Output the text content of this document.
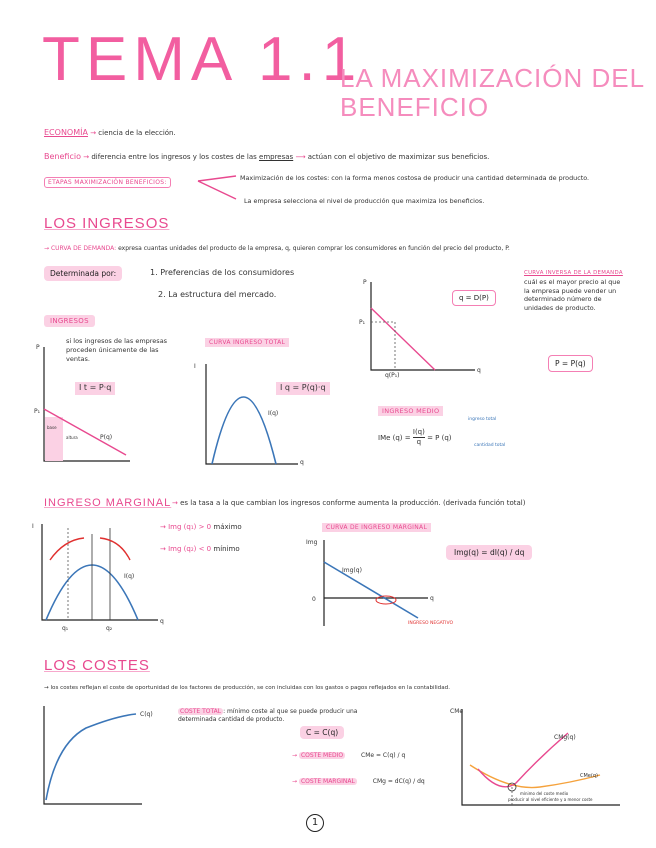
TEMA 1.1
LA MAXIMIZACIÓN DEL
BENEFICIO
ECONOMÍA → ciencia de la elección.
Beneficio → diferencia entre los ingresos y los costes de las empresas ⟶ actúan con el objetivo de maximizar sus beneficios.
ETAPAS MAXIMIZACIÓN BENEFICIOS:
Maximización de los costes: con la forma menos costosa de producir una cantidad determinada de producto.
La empresa selecciona el nivel de producción que maximiza los beneficios.
LOS INGRESOS
→ CURVA DE DEMANDA: expresa cuantas unidades del producto de la empresa, q, quieren comprar los consumidores en función del precio del producto, P.
Determinada por:	1. Preferencias de los consumidores
2. La estructura del mercado.
P
P₁
q(P₁)
q
q = D(P)
CURVA INVERSA DE LA DEMANDA
cuál es el mayor precio al que la empresa puede vender un determinado número de unidades de producto.
P = P(q)
INGRESOS
si los ingresos de las empresas proceden únicamente de las ventas.
I t = P·q
P
P₁
base
altura	P(q)
CURVA INGRESO TOTAL
I
I(q)
q
I q = P(q)·q
INGRESO MEDIO
IMe $(q) = \frac{I(q)}{q} = P$ (q)
ingreso total
cantidad total
INGRESO MARGINAL → es la tasa a la que cambian los ingresos conforme aumenta la producción. (derivada función total)
I
I(q)
q₁	q₂
q
→ Img (q₁) > 0 máximo
→ Img (q₂) < 0 mínimo
CURVA DE INGRESO MARGINAL
Img
Img(q)
0	q
INGRESO NEGATIVO
Img(q) = dI(q) / dq
LOS COSTES
→ los costes reflejan el coste de oportunidad de los factores de producción, se con incluidas con los gastos o pagos reflejados en la contabilidad.
C(q)	COSTE TOTAL : mínimo coste al que se puede producir una determinada cantidad de producto.
C = C(q)
→ COSTE MEDIO	CMe = C(q) / q
→ COSTE MARGINAL	CMg = dC(q) / dq
CMe
CMg(q)
CMe(q)
mínimo del coste medio
producir al nivel eficiente y a menor coste
1
